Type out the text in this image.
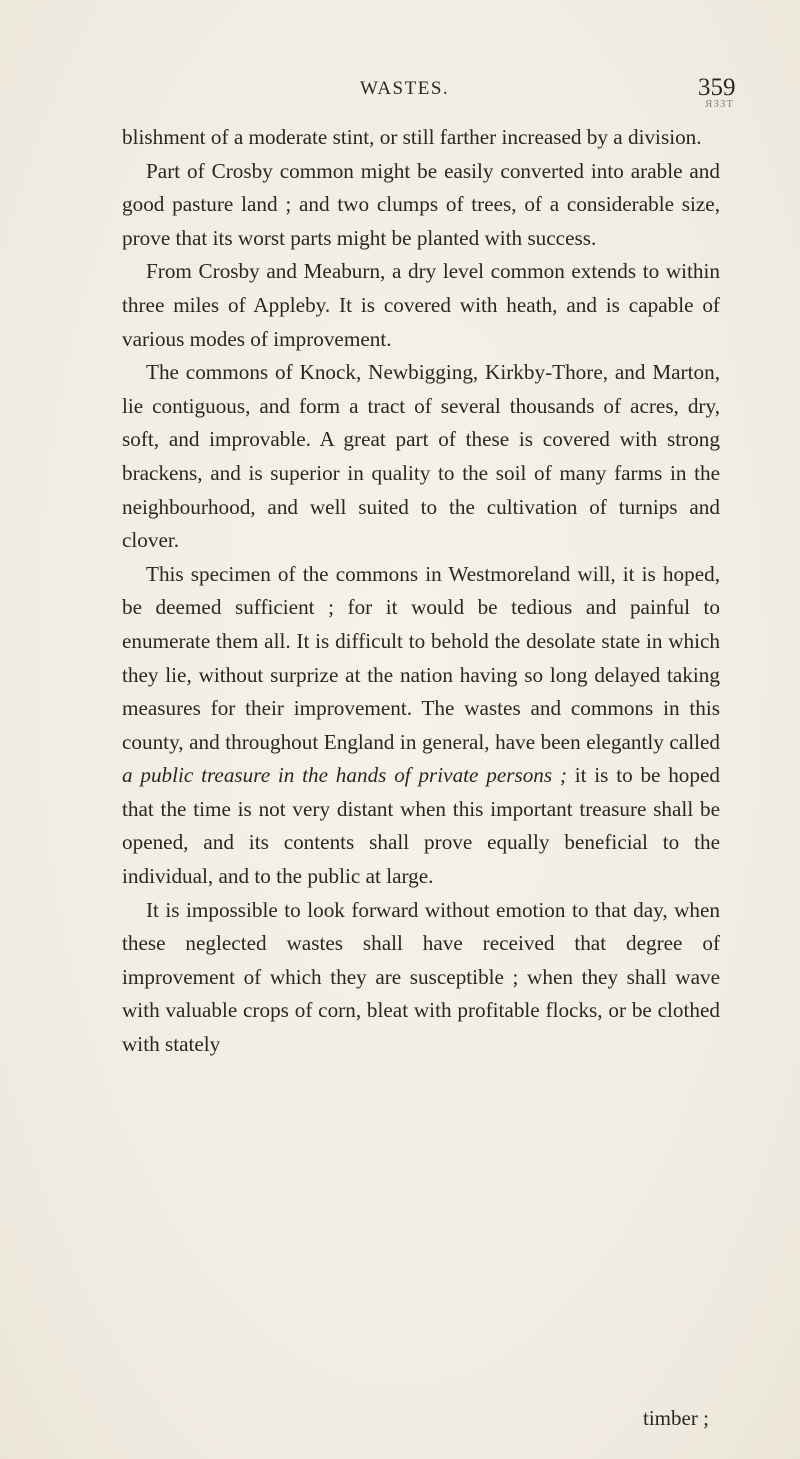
WASTES.	359
ЯЗЗТ

blishment of a moderate stint, or still farther increased by a division.

Part of Crosby common might be easily converted into arable and good pasture land ; and two clumps of trees, of a considerable size, prove that its worst parts might be planted with success.

From Crosby and Meaburn, a dry level common extends to within three miles of Appleby. It is covered with heath, and is capable of various modes of improvement.

The commons of Knock, Newbigging, Kirkby-Thore, and Marton, lie contiguous, and form a tract of several thousands of acres, dry, soft, and improvable. A great part of these is covered with strong brackens, and is superior in quality to the soil of many farms in the neighbourhood, and well suited to the cultivation of turnips and clover.

This specimen of the commons in Westmoreland will, it is hoped, be deemed sufficient ; for it would be tedious and painful to enumerate them all. It is difficult to behold the desolate state in which they lie, without surprize at the nation having so long delayed taking measures for their improvement. The wastes and commons in this county, and throughout England in general, have been elegantly called a public treasure in the hands of private persons ; it is to be hoped that the time is not very distant when this important treasure shall be opened, and its contents shall prove equally beneficial to the individual, and to the public at large.

It is impossible to look forward without emotion to that day, when these neglected wastes shall have received that degree of improvement of which they are susceptible ; when they shall wave with valuable crops of corn, bleat with profitable flocks, or be clothed with stately

timber ;
